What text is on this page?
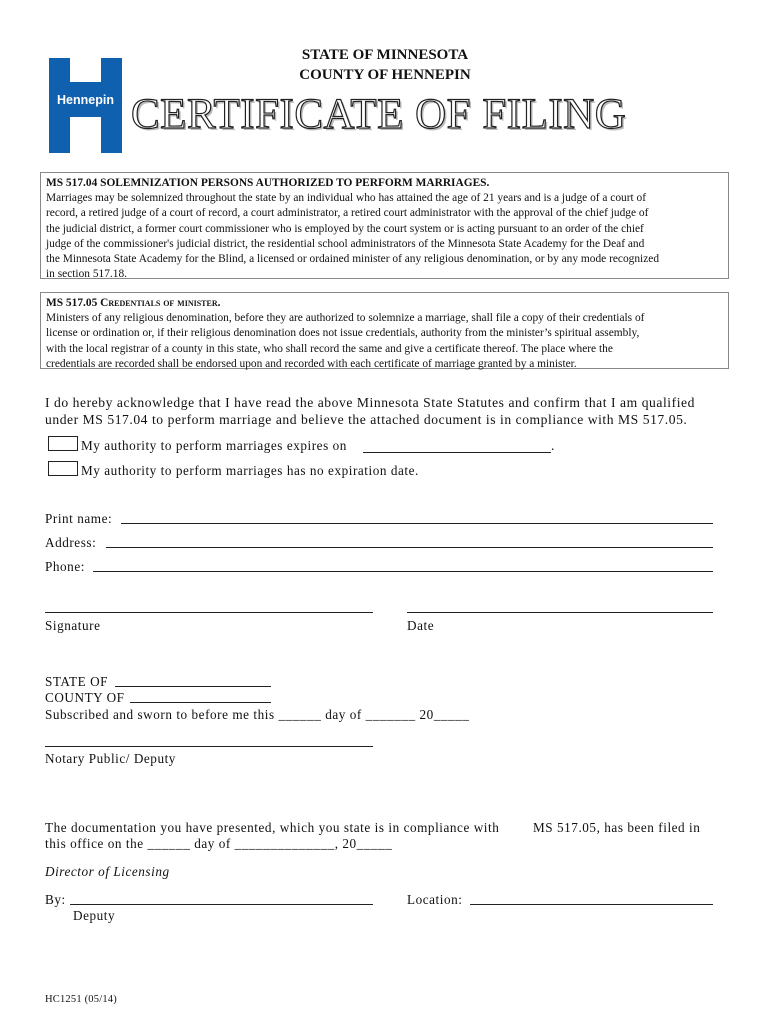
Hennepin
STATE OF MINNESOTA
COUNTY OF HENNEPIN
CERTIFICATE OF FILING
MS 517.04 SOLEMNIZATION PERSONS AUTHORIZED TO PERFORM MARRIAGES.
Marriages may be solemnized throughout the state by an individual who has attained the age of 21 years and is a judge of a court of
record, a retired judge of a court of record, a court administrator, a retired court administrator with the approval of the chief judge of
the judicial district, a former court commissioner who is employed by the court system or is acting pursuant to an order of the chief
judge of the commissioner's judicial district, the residential school administrators of the Minnesota State Academy for the Deaf and
the Minnesota State Academy for the Blind, a licensed or ordained minister of any religious denomination, or by any mode recognized
in section 517.18.
MS 517.05 Credentials of minister.
Ministers of any religious denomination, before they are authorized to solemnize a marriage, shall file a copy of their credentials of
license or ordination or, if their religious denomination does not issue credentials, authority from the minister’s spiritual assembly,
with the local registrar of a county in this state, who shall record the same and give a certificate thereof. The place where the
credentials are recorded shall be endorsed upon and recorded with each certificate of marriage granted by a minister.
I do hereby acknowledge that I have read the above Minnesota State Statutes and confirm that I am qualified
under MS 517.04 to perform marriage and believe the attached document is in compliance with MS 517.05.
My authority to perform marriages expires on	.
My authority to perform marriages has no expiration date.
Print name:
Address:
Phone:
Signature	Date
STATE OF
COUNTY OF
Subscribed and sworn to before me this ______ day of _______ 20_____
Notary Public/ Deputy
The documentation you have presented, which you state is in compliance with	MS 517.05, has been filed in
this office on the ______ day of ______________, 20_____
Director of Licensing
By:
Deputy
Location:
HC1251 (05/14)
